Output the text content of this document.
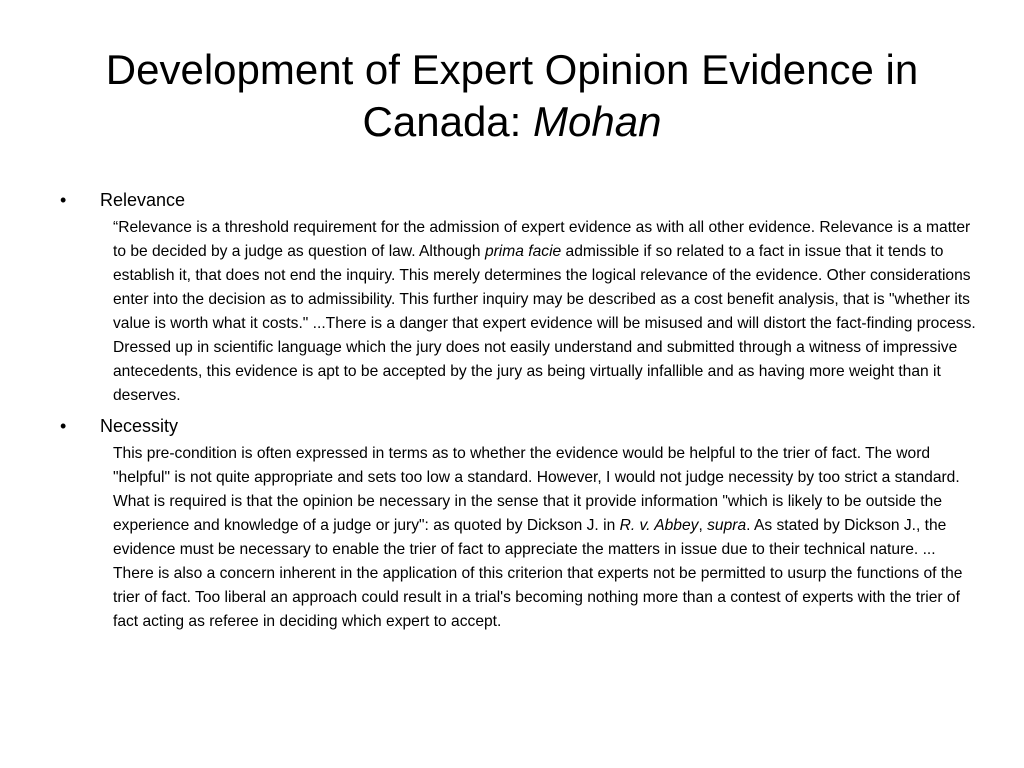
Development of Expert Opinion Evidence in Canada: Mohan
•	Relevance

“Relevance is a threshold requirement for the admission of expert evidence as with all other evidence. Relevance is a matter to be decided by a judge as question of law. Although prima facie admissible if so related to a fact in issue that it tends to establish it, that does not end the inquiry. This merely determines the logical relevance of the evidence. Other considerations enter into the decision as to admissibility. This further inquiry may be described as a cost benefit analysis, that is "whether its value is worth what it costs." ...There is a danger that expert evidence will be misused and will distort the fact-finding process. Dressed up in scientific language which the jury does not easily understand and submitted through a witness of impressive antecedents, this evidence is apt to be accepted by the jury as being virtually infallible and as having more weight than it deserves.

•	Necessity

This pre-condition is often expressed in terms as to whether the evidence would be helpful to the trier of fact. The word "helpful" is not quite appropriate and sets too low a standard. However, I would not judge necessity by too strict a standard. What is required is that the opinion be necessary in the sense that it provide information "which is likely to be outside the experience and knowledge of a judge or jury": as quoted by Dickson J. in R. v. Abbey, supra. As stated by Dickson J., the evidence must be necessary to enable the trier of fact to appreciate the matters in issue due to their technical nature. ... There is also a concern inherent in the application of this criterion that experts not be permitted to usurp the functions of the trier of fact. Too liberal an approach could result in a trial's becoming nothing more than a contest of experts with the trier of fact acting as referee in deciding which expert to accept.
